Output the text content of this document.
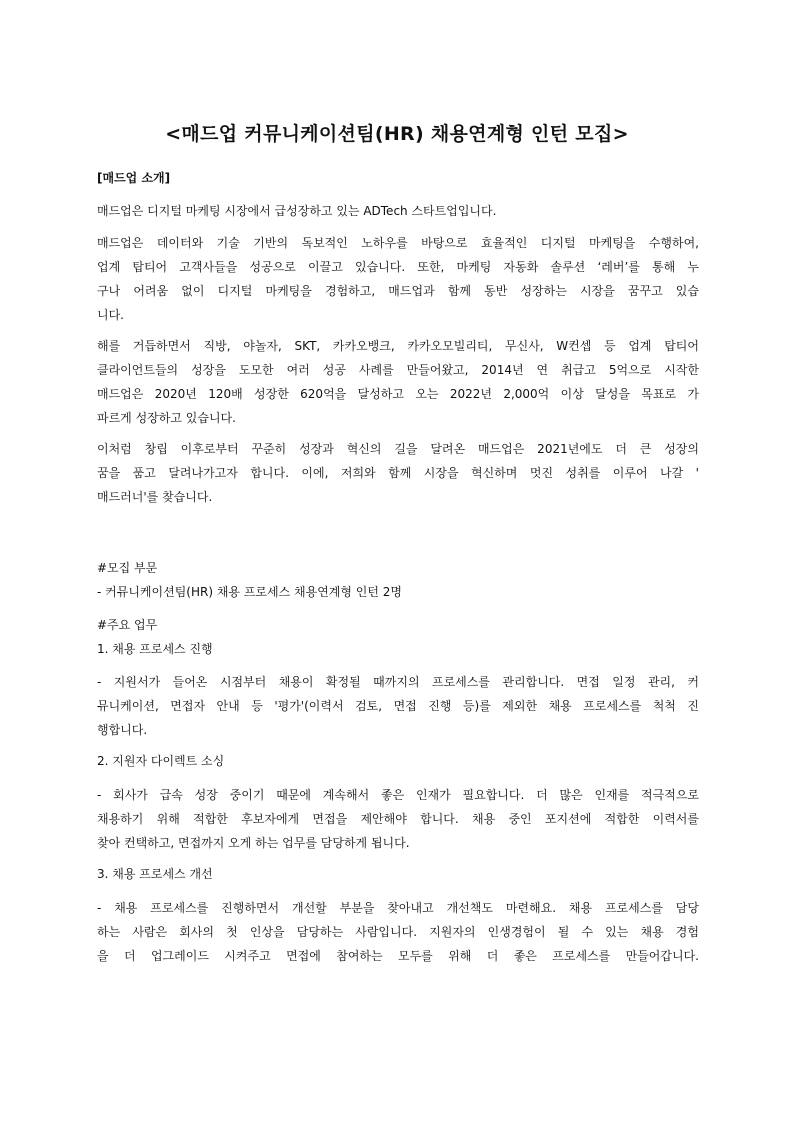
<매드업 커뮤니케이션팀(HR) 채용연계형 인턴 모집>
[매드업 소개]
매드업은 디지털 마케팅 시장에서 급성장하고 있는 ADTech 스타트업입니다.
매드업은 데이터와 기술 기반의 독보적인 노하우를 바탕으로 효율적인 디지털 마케팅을 수행하여,
업계 탑티어 고객사들을 성공으로 이끌고 있습니다. 또한, 마케팅 자동화 솔루션 ‘레버’를 통해 누
구나 어려움 없이 디지털 마케팅을 경험하고, 매드업과 함께 동반 성장하는 시장을 꿈꾸고 있습
니다.
해를 거듭하면서 직방, 야놀자, SKT, 카카오뱅크, 카카오모빌리티, 무신사, W컨셉 등 업계 탑티어
클라이언트들의 성장을 도모한 여러 성공 사례를 만들어왔고, 2014년 연 취급고 5억으로 시작한
매드업은 2020년 120배 성장한 620억을 달성하고 오는 2022년 2,000억 이상 달성을 목표로 가
파르게 성장하고 있습니다.
이처럼 창립 이후로부터 꾸준히 성장과 혁신의 길을 달려온 매드업은 2021년에도 더 큰 성장의
꿈을 품고 달려나가고자 합니다. 이에, 저희와 함께 시장을 혁신하며 멋진 성취를 이루어 나갈 '
매드러너'를 찾습니다.
#모집 부문
- 커뮤니케이션팀(HR) 채용 프로세스 채용연계형 인턴 2명
#주요 업무
1. 채용 프로세스 진행
- 지원서가 들어온 시점부터 채용이 확정될 때까지의 프로세스를 관리합니다. 면접 일정 관리, 커
뮤니케이션, 면접자 안내 등 '평가'(이력서 검토, 면접 진행 등)를 제외한 채용 프로세스를 척척 진
행합니다.
2. 지원자 다이렉트 소싱
- 회사가 급속 성장 중이기 때문에 계속해서 좋은 인재가 필요합니다. 더 많은 인재를 적극적으로
채용하기 위해 적합한 후보자에게 면접을 제안해야 합니다. 채용 중인 포지션에 적합한 이력서를
찾아 컨택하고, 면접까지 오게 하는 업무를 담당하게 됩니다.
3. 채용 프로세스 개선
- 채용 프로세스를 진행하면서 개선할 부분을 찾아내고 개선책도 마련해요. 채용 프로세스를 담당
하는 사람은 회사의 첫 인상을 담당하는 사람입니다. 지원자의 인생경험이 될 수 있는 채용 경험
을 더 업그레이드 시켜주고 면접에 참여하는 모두를 위해 더 좋은 프로세스를 만들어갑니다.
